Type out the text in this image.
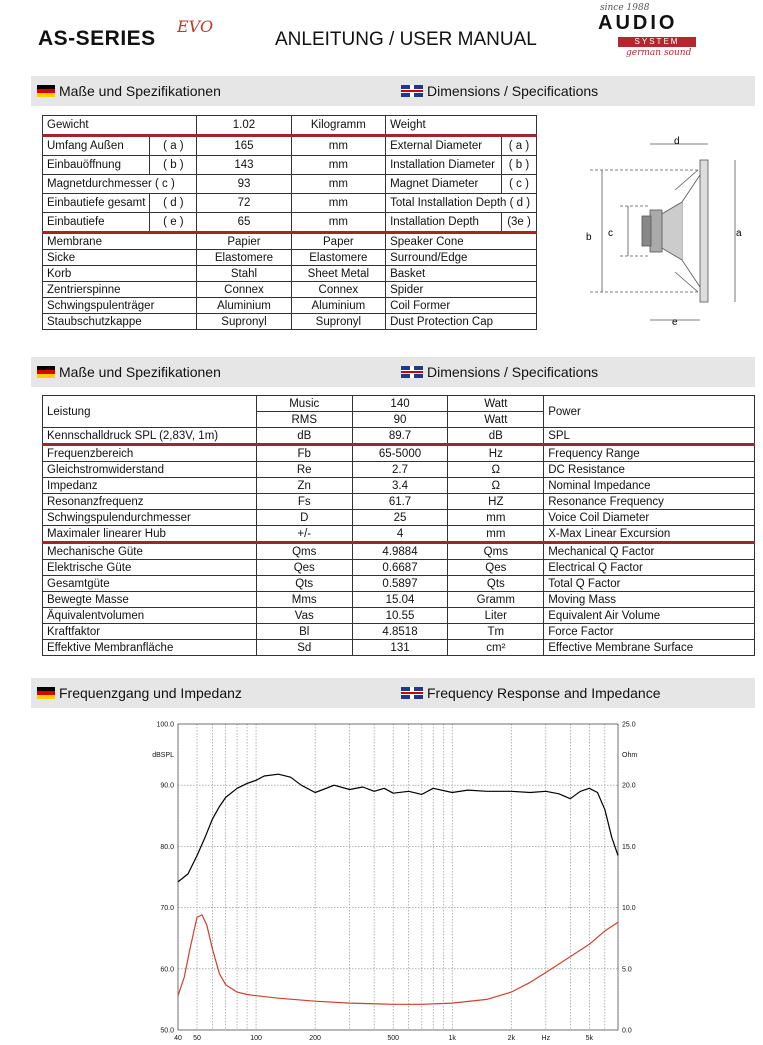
AS-SERIES
EVO
ANLEITUNG / USER MANUAL
since 1988
AUDIO
SYSTEM
german sound
Maße und Spezifikationen	Dimensions / Specifications
Gewicht		1.02	Kilogramm	Weight	
Umfang Außen	( a )	165	mm	External Diameter	( a )
Einbauöffnung	( b )	143	mm	Installation Diameter	( b )
Magnetdurchmesser ( c )		93	mm	Magnet Diameter	( c )
Einbautiefe gesamt	( d )	72	mm	Total Installation Depth ( d )	
Einbautiefe	( e )	65	mm	Installation Depth	(3e )
Membrane		Papier	Paper	Speaker Cone	
Sicke		Elastomere	Elastomere	Surround/Edge	
Korb		Stahl	Sheet Metal	Basket	
Zentrierspinne		Connex	Connex	Spider	
Schwingspulenträger		Aluminium	Aluminium	Coil Former	
Staubschutzkappe		Supronyl	Supronyl	Dust Protection Cap	
d
e
a
b c
Maße und Spezifikationen	Dimensions / Specifications
Leistung	Music	140	Watt	Power
	RMS	90	Watt	
Kennschalldruck SPL (2,83V, 1m)	dB	89.7	dB	SPL
Frequenzbereich	Fb	65-5000	Hz	Frequency Range
Gleichstromwiderstand	Re	2.7	Ω	DC Resistance
Impedanz	Zn	3.4	Ω	Nominal Impedance
Resonanzfrequenz	Fs	61.7	HZ	Resonance Frequency
Schwingspulendurchmesser	D	25	mm	Voice Coil Diameter
Maximaler linearer Hub	+/-	4	mm	X-Max Linear Excursion
Mechanische Güte	Qms	4.9884	Qms	Mechanical Q Factor
Elektrische Güte	Qes	0.6687	Qes	Electrical Q Factor
Gesamtgüte	Qts	0.5897	Qts	Total Q Factor
Bewegte Masse	Mms	15.04	Gramm	Moving Mass
Äquivalentvolumen	Vas	10.55	Liter	Equivalent Air Volume
Kraftfaktor	Bl	4.8518	Tm	Force Factor
Effektive Membranfläche	Sd	131	cm²	Effective Membrane Surface
Frequenzgang und Impedanz	Frequency Response and Impedance
100.0
90.0
80.0
70.0
60.0
50.0
25.0
20.0
15.0
10.0
5.0
0.0
dBSPL	Ohm
40 50	100	200	500	1k	2k	5k
Hz
